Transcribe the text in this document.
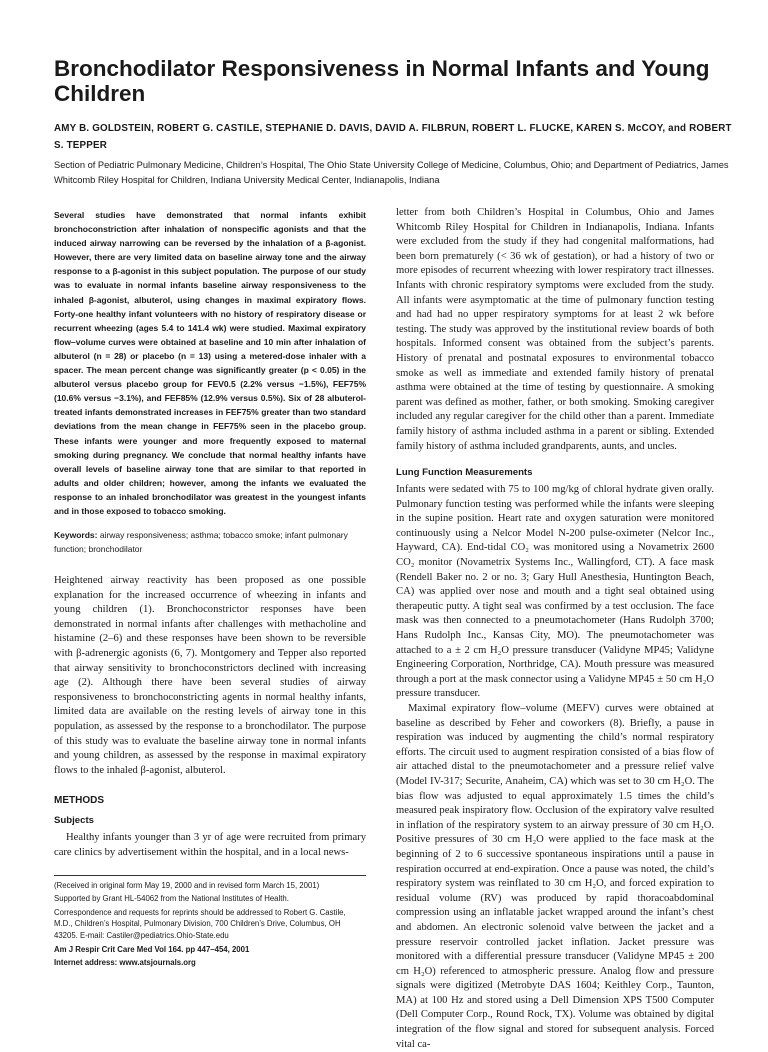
Bronchodilator Responsiveness in Normal Infants and Young Children

AMY B. GOLDSTEIN, ROBERT G. CASTILE, STEPHANIE D. DAVIS, DAVID A. FILBRUN, ROBERT L. FLUCKE, KAREN S. McCOY, and ROBERT S. TEPPER

Section of Pediatric Pulmonary Medicine, Children’s Hospital, The Ohio State University College of Medicine, Columbus, Ohio; and Department of Pediatrics, James Whitcomb Riley Hospital for Children, Indiana University Medical Center, Indianapolis, Indiana

Several studies have demonstrated that normal infants exhibit bronchoconstriction after inhalation of nonspecific agonists and that the induced airway narrowing can be reversed by the inhalation of a β-agonist. However, there are very limited data on baseline airway tone and the airway response to a β-agonist in this subject population. The purpose of our study was to evaluate in normal infants baseline airway responsiveness to the inhaled β-agonist, albuterol, using changes in maximal expiratory flows. Forty-one healthy infant volunteers with no history of respiratory disease or recurrent wheezing (ages 5.4 to 141.4 wk) were studied. Maximal expiratory flow–volume curves were obtained at baseline and 10 min after inhalation of albuterol (n = 28) or placebo (n = 13) using a metered-dose inhaler with a spacer. The mean percent change was significantly greater (p < 0.05) in the albuterol versus placebo group for FEV0.5 (2.2% versus −1.5%), FEF75% (10.6% versus −3.1%), and FEF85% (12.9% versus 0.5%). Six of 28 albuterol-treated infants demonstrated increases in FEF75% greater than two standard deviations from the mean change in FEF75% seen in the placebo group. These infants were younger and more frequently exposed to maternal smoking during pregnancy. We conclude that normal healthy infants have overall levels of baseline airway tone that are similar to that reported in adults and older children; however, among the infants we evaluated the response to an inhaled bronchodilator was greatest in the youngest infants and in those exposed to tobacco smoking.

Keywords: airway responsiveness; asthma; tobacco smoke; infant pulmonary function; bronchodilator

Heightened airway reactivity has been proposed as one possible explanation for the increased occurrence of wheezing in infants and young children (1). Bronchoconstrictor responses have been demonstrated in normal infants after challenges with methacholine and histamine (2–6) and these responses have been shown to be reversible with β-adrenergic agonists (6, 7). Montgomery and Tepper also reported that airway sensitivity to bronchoconstrictors declined with increasing age (2). Although there have been several studies of airway responsiveness to bronchoconstricting agents in normal healthy infants, limited data are available on the resting levels of airway tone in this population, as assessed by the response to a bronchodilator. The purpose of this study was to evaluate the baseline airway tone in normal infants and young children, as assessed by the response in maximal expiratory flows to the inhaled β-agonist, albuterol.

METHODS
Subjects

Healthy infants younger than 3 yr of age were recruited from primary care clinics by advertisement within the hospital, and in a local news-

(Received in original form May 19, 2000 and in revised form March 15, 2001)

Supported by Grant HL-54062 from the National Institutes of Health.

Correspondence and requests for reprints should be addressed to Robert G. Castile, M.D., Children’s Hospital, Pulmonary Division, 700 Children’s Drive, Columbus, OH 43205. E-mail: Castiler@pediatrics.Ohio-State.edu

Am J Respir Crit Care Med Vol 164. pp 447–454, 2001

Internet address: www.atsjournals.org

letter from both Children’s Hospital in Columbus, Ohio and James Whitcomb Riley Hospital for Children in Indianapolis, Indiana. Infants were excluded from the study if they had congenital malformations, had been born prematurely (< 36 wk of gestation), or had a history of two or more episodes of recurrent wheezing with lower respiratory tract illnesses. Infants with chronic respiratory symptoms were excluded from the study. All infants were asymptomatic at the time of pulmonary function testing and had had no upper respiratory symptoms for at least 2 wk before testing. The study was approved by the institutional review boards of both hospitals. Informed consent was obtained from the subject’s parents. History of prenatal and postnatal exposures to environmental tobacco smoke as well as immediate and extended family history of prenatal asthma were obtained at the time of testing by questionnaire. A smoking parent was defined as mother, father, or both smoking. Smoking caregiver included any regular caregiver for the child other than a parent. Immediate family history of asthma included asthma in a parent or sibling. Extended family history of asthma included grandparents, aunts, and uncles.

Lung Function Measurements

Infants were sedated with 75 to 100 mg/kg of chloral hydrate given orally. Pulmonary function testing was performed while the infants were sleeping in the supine position. Heart rate and oxygen saturation were monitored continuously using a Nelcor Model N-200 pulse-oximeter (Nelcor Inc., Hayward, CA). End-tidal CO₂ was monitored using a Novametrix 2600 CO₂ monitor (Novametrix Systems Inc., Wallingford, CT). A face mask (Rendell Baker no. 2 or no. 3; Gary Hull Anesthesia, Huntington Beach, CA) was applied over nose and mouth and a tight seal obtained using therapeutic putty. A tight seal was confirmed by a test occlusion. The face mask was then connected to a pneumotachometer (Hans Rudolph 3700; Hans Rudolph Inc., Kansas City, MO). The pneumotachometer was attached to a ± 2 cm H₂O pressure transducer (Validyne MP45; Validyne Engineering Corporation, Northridge, CA). Mouth pressure was measured through a port at the mask connector using a Validyne MP45 ± 50 cm H₂O pressure transducer.

Maximal expiratory flow–volume (MEFV) curves were obtained at baseline as described by Feher and coworkers (8). Briefly, a pause in respiration was induced by augmenting the child’s normal respiratory efforts. The circuit used to augment respiration consisted of a bias flow of air attached distal to the pneumotachometer and a pressure relief valve (Model IV-317; Securite, Anaheim, CA) which was set to 30 cm H₂O. The bias flow was adjusted to equal approximately 1.5 times the child’s measured peak inspiratory flow. Occlusion of the expiratory valve resulted in inflation of the respiratory system to an airway pressure of 30 cm H₂O. Positive pressures of 30 cm H₂O were applied to the face mask at the beginning of 2 to 6 successive spontaneous inspirations until a pause in respiration occurred at end-expiration. Once a pause was noted, the child’s respiratory system was reinflated to 30 cm H₂O, and forced expiration to residual volume (RV) was produced by rapid thoracoabdominal compression using an inflatable jacket wrapped around the infant’s chest and abdomen. An electronic solenoid valve between the jacket and a pressure reservoir controlled jacket inflation. Jacket pressure was monitored with a differential pressure transducer (Validyne MP45 ± 200 cm H₂O) referenced to atmospheric pressure. Analog flow and pressure signals were digitized (Metrobyte DAS 1604; Keithley Corp., Taunton, MA) at 100 Hz and stored using a Dell Dimension XPS T500 Computer (Dell Computer Corp., Round Rock, TX). Volume was obtained by digital integration of the flow signal and stored for subsequent analysis. Forced vital ca-
